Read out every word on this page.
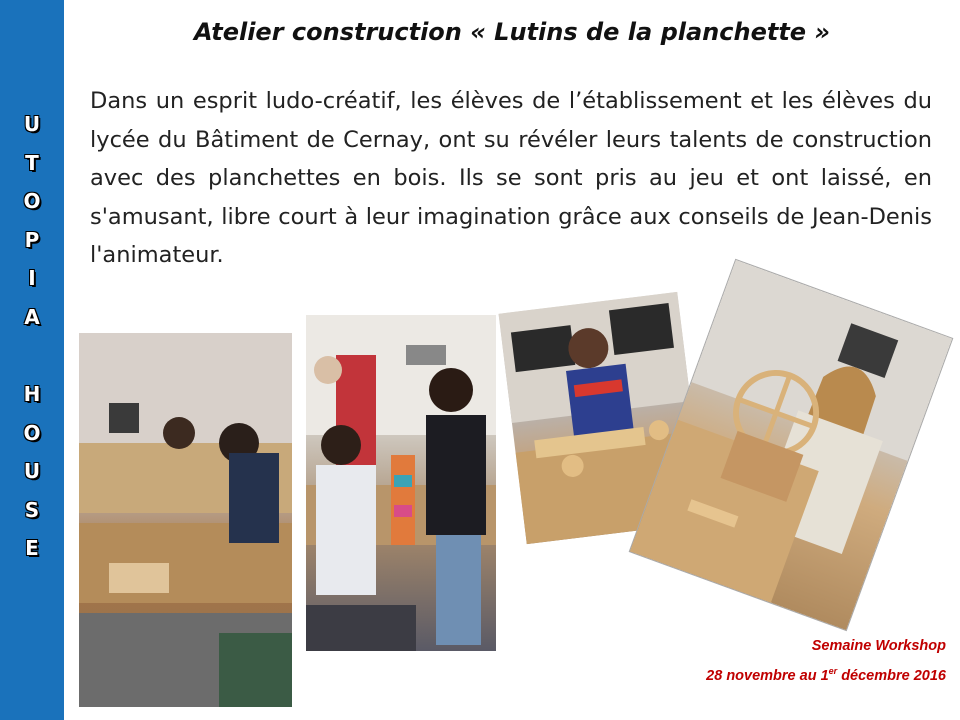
U
T
O
P
I
A
H
O
U
S
E
Atelier construction « Lutins de la planchette »

Dans un esprit ludo-créatif, les élèves de l’établissement et les élèves du lycée du Bâtiment de Cernay, ont su révéler leurs talents de construction avec des planchettes en bois. Ils se sont pris au jeu et ont laissé, en s'amusant, libre court à leur imagination grâce aux conseils de Jean-Denis l'animateur.

Semaine Workshop

28 novembre au 1er décembre 2016
